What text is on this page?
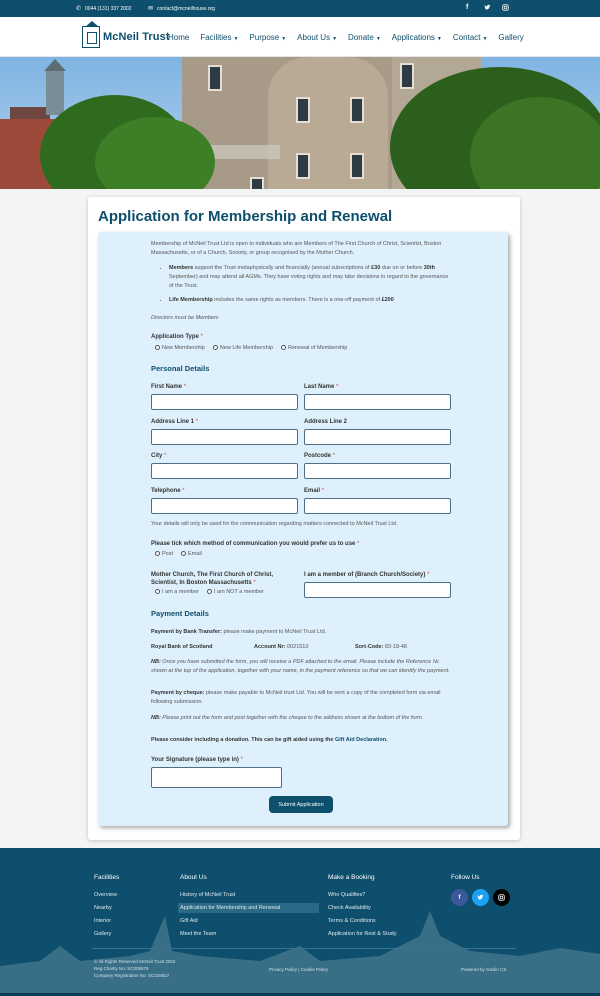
✆ 0044 (131) 337 2002	✉ contact@mcneilhouse.org	f
McNeil Trust
Home Facilities ▼ Purpose ▼ About Us ▼ Donate ▼ Applications ▼ Contact ▼ Gallery
Application for Membership and Renewal

Membership of McNeil Trust Ltd is open to individuals who are Members of The First Church of Christ, Scientist, Boston Massachusetts, or of a Church, Society, or group recognised by the Mother Church.

• Members support the Trust metaphysically and financially (annual subscriptions of £30 due on or before 30th September) and may attend all AGMs. They have voting rights and may take decisions in regard to the governance of the Trust.
• Life Membership includes the same rights as members. There is a one-off payment of £200

Directors must be Members

Application Type *
New Membership	New Life Membership	Renewal of Membership
Personal Details
First Name *	Last Name *
Address Line 1 *	Address Line 2
City *	Postcode *
Telephone *	Email *

Your details will only be used for the communication regarding matters connected to McNeil Trust Ltd.

Please tick which method of communication you would prefer us to use *
Post	Email
Mother Church, The First Church of Christ, Scientist, In Boston Massachusetts *
I am a member	I am NOT a member
I am a member of (Branch Church/Society) *
Payment Details

Payment by Bank Transfer: please make payment to McNeil Trust Ltd.

Royal Bank of Scotland	Account Nr: 0021510	Sort-Code: 83-18-48

NB: Once you have submitted the form, you will receive a PDF attached to the email. Please include the Reference № shown at the top of the application, together with your name, in the payment reference so that we can identify the payment.

Payment by cheque: please make payable to McNeil trust Ltd. You will be sent a copy of the completed form via email following submission.

NB: Please print out the form and post together with the cheque to the address shown at the bottom of the form.

Please consider including a donation. This can be gift aided using the Gift Aid Declaration.

Your Signature (please type in) *
Submit Application
Facilities
Overview
Nearby
Interior
Gallery
About Us
History of McNeil Trust
Application for Membership and Renewal
Gift Aid
Meet the Team
Make a Booking
Who Qualifies?
Check Availability
Terms & Conditions
Application for Rest & Study
Follow Us
f
© All Rights Reserved McNeil Trust 2022
Reg Charity No: SC008879
Company Registration No: SC028927
Privacy Policy | Cookie Policy	Powered by Gaslin CS
